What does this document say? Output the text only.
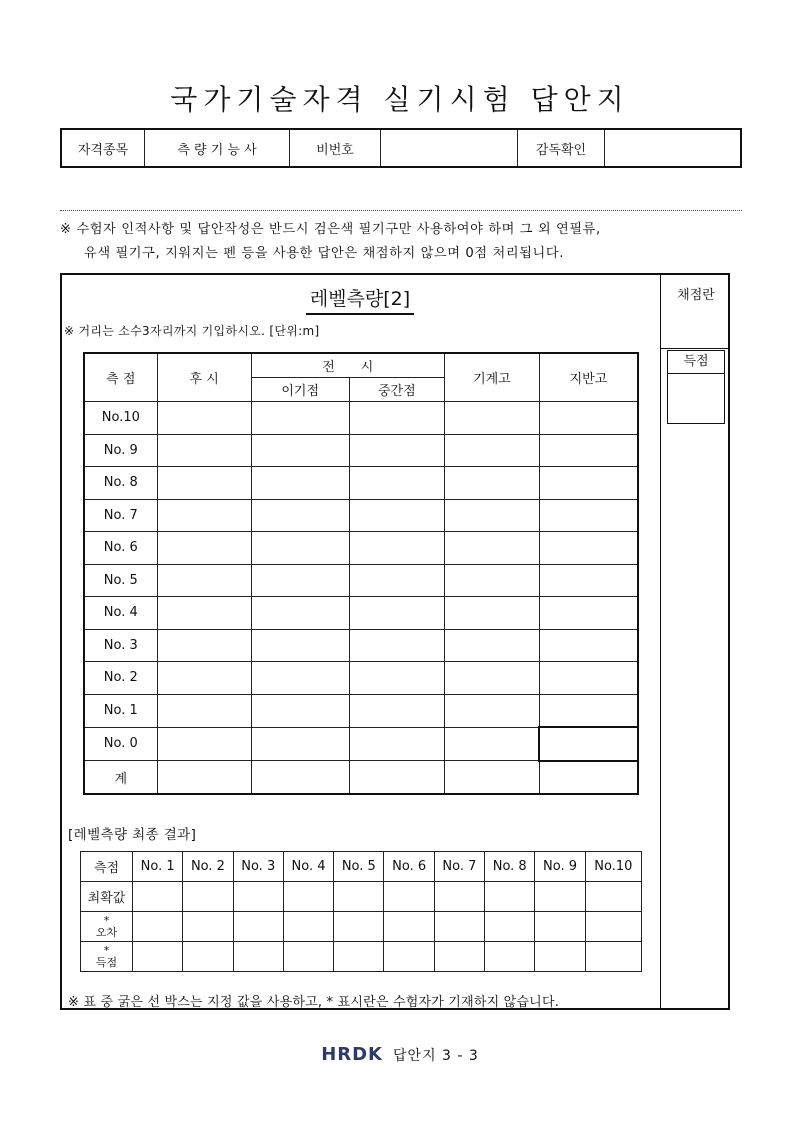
국가기술자격 실기시험 답안지
자격종목	측 량 기 능 사	비번호		감독확인	
※ 수험자 인적사항 및 답안작성은 반드시 검은색 필기구만 사용하여야 하며 그 외 연필류,
유색 필기구, 지워지는 펜 등을 사용한 답안은 채점하지 않으며 0점 처리됩니다.
채점란
득점
레벨측량[2]
※ 거리는 소수3자리까지 기입하시오. [단위:m]
측 점	후 시	전　　시		기계고	지반고
		이기점	중간점		
No.10					
No. 9					
No. 8					
No. 7					
No. 6					
No. 5					
No. 4					
No. 3					
No. 2					
No. 1					
No. 0					
계					
[레벨측량 최종 결과]
측점	No. 1	No. 2	No. 3	No. 4	No. 5	No. 6	No. 7	No. 8	No. 9	No.10
최확값										

*
오차										

*
득점										

※ 표 중 굵은 선 박스는 지정 값을 사용하고, * 표시란은 수험자가 기재하지 않습니다.
HRDK 답안지 3 - 3
